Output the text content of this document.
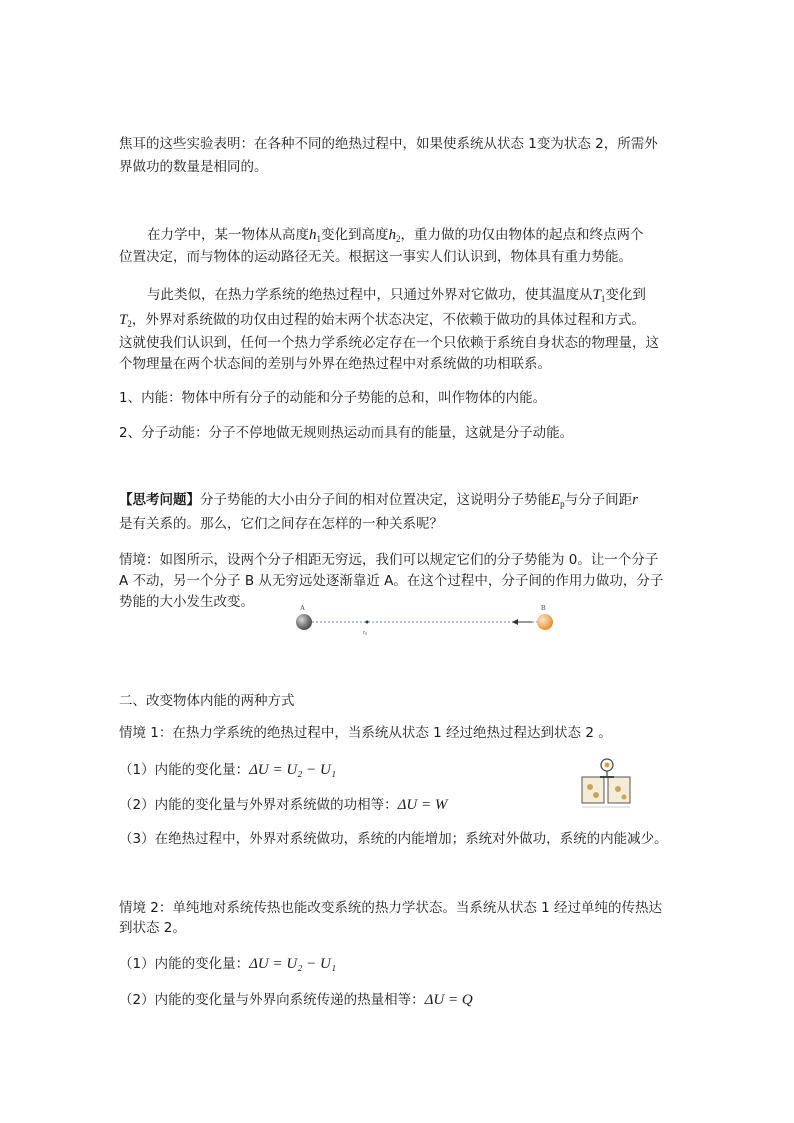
焦耳的这些实验表明：在各种不同的绝热过程中，如果使系统从状态 1变为状态 2，所需外
界做功的数量是相同的。
在力学中，某一物体从高度$h_1$变化到高度$h_2$，重力做的功仅由物体的起点和终点两个
位置决定，而与物体的运动路径无关。根据这一事实人们认识到，物体具有重力势能。
与此类似，在热力学系统的绝热过程中，只通过外界对它做功，使其温度从$T_1$变化到
$T_2$，外界对系统做的功仅由过程的始末两个状态决定，不依赖于做功的具体过程和方式。
这就使我们认识到，任何一个热力学系统必定存在一个只依赖于系统自身状态的物理量，这
个物理量在两个状态间的差别与外界在绝热过程中对系统做的功相联系。
1、内能：物体中所有分子的动能和分子势能的总和，叫作物体的内能。
2、分子动能：分子不停地做无规则热运动而具有的能量，这就是分子动能。
【思考问题】分子势能的大小由分子间的相对位置决定，这说明分子势能$E_p$与分子间距r
是有关系的。那么，它们之间存在怎样的一种关系呢？
情境：如图所示，设两个分子相距无穷远，我们可以规定它们的分子势能为 0。让一个分子
A 不动，另一个分子 B 从无穷远处逐渐靠近 A。在这个过程中，分子间的作用力做功，分子
势能的大小发生改变。
r0
A	B
二、改变物体内能的两种方式
情境 1：在热力学系统的绝热过程中，当系统从状态 1 经过绝热过程达到状态 2 。
（1）内能的变化量：ΔU = U₂ − U₁
（2）内能的变化量与外界对系统做的功相等：ΔU = W
（3）在绝热过程中，外界对系统做功，系统的内能增加；系统对外做功，系统的内能减少。
情境 2：单纯地对系统传热也能改变系统的热力学状态。当系统从状态 1 经过单纯的传热达
到状态 2。
（1）内能的变化量：ΔU = U₂ − U₁
（2）内能的变化量与外界向系统传递的热量相等：ΔU = Q
